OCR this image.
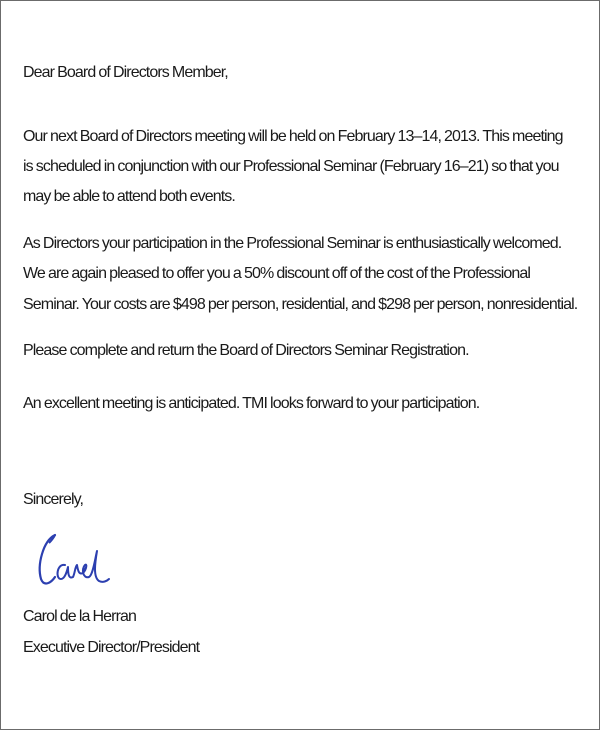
Dear Board of Directors Member,
Our next Board of Directors meeting will be held on February 13–14, 2013. This meeting
is scheduled in conjunction with our Professional Seminar (February 16–21) so that you
may be able to attend both events.
As Directors your participation in the Professional Seminar is enthusiastically welcomed.
We are again pleased to offer you a 50% discount off of the cost of the Professional
Seminar. Your costs are $498 per person, residential, and $298 per person, nonresidential.
Please complete and return the Board of Directors Seminar Registration.
An excellent meeting is anticipated. TMI looks forward to your participation.
Sincerely,
Carol de la Herran
Executive Director/President
